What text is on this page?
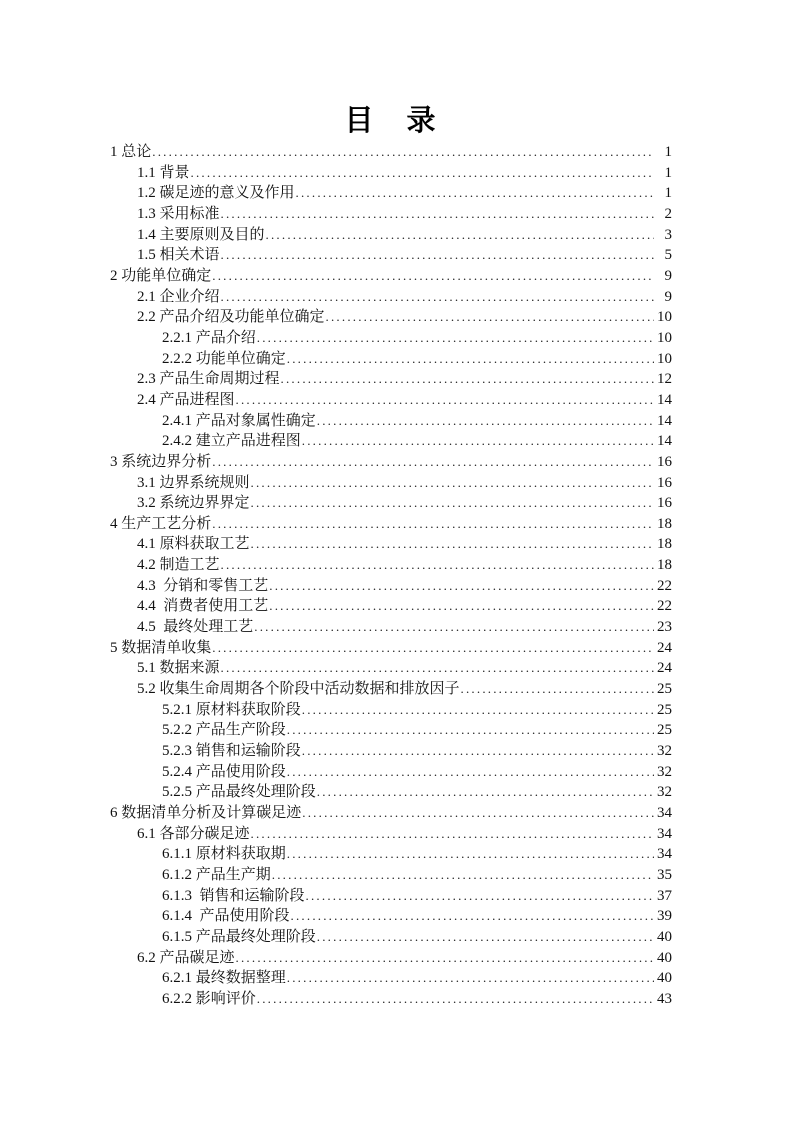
目　录
1 总论 .....	1
1.1 背景 .....	1
1.2 碳足迹的意义及作用 .....	1
1.3 采用标准 .....	2
1.4 主要原则及目的 .....	3
1.5 相关术语 .....	5
2 功能单位确定 .....	9
2.1 企业介绍 .....	9
2.2 产品介绍及功能单位确定 .....	10
2.2.1 产品介绍 .....	10
2.2.2 功能单位确定 .....	10
2.3 产品生命周期过程 .....	12
2.4 产品进程图 .....	14
2.4.1 产品对象属性确定 .....	14
2.4.2 建立产品进程图 .....	14
3 系统边界分析 .....	16
3.1 边界系统规则 .....	16
3.2 系统边界界定 .....	16
4 生产工艺分析 .....	18
4.1 原料获取工艺 .....	18
4.2 制造工艺 .....	18
4.3  分销和零售工艺 .....	22
4.4  消费者使用工艺 .....	22
4.5  最终处理工艺 .....	23
5 数据清单收集 .....	24
5.1 数据来源 .....	24
5.2 收集生命周期各个阶段中活动数据和排放因子 .....	25
5.2.1 原材料获取阶段 .....	25
5.2.2 产品生产阶段 .....	25
5.2.3 销售和运输阶段 .....	32
5.2.4 产品使用阶段 .....	32
5.2.5 产品最终处理阶段 .....	32
6 数据清单分析及计算碳足迹 .....	34
6.1 各部分碳足迹 .....	34
6.1.1 原材料获取期 .....	34
6.1.2 产品生产期 .....	35
6.1.3  销售和运输阶段 .....	37
6.1.4  产品使用阶段 .....	39
6.1.5 产品最终处理阶段 .....	40
6.2 产品碳足迹 .....	40
6.2.1 最终数据整理 .....	40
6.2.2 影响评价 .....	43
